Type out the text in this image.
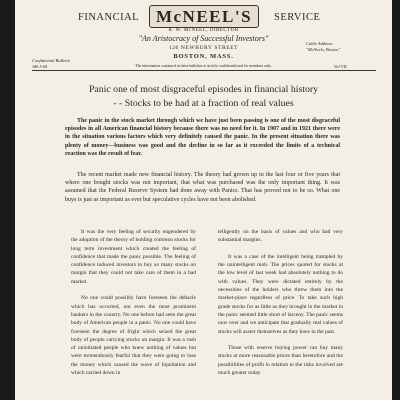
FINANCIAL McNEEL'S	SERVICE
R. W. McNEEL, DIRECTOR
"An Aristocracy of Successful Investors"
126 NEWBURY STREET
BOSTON, MASS.
Cable Address:
"McNeels, Boston"
Confidential Bulletin
AB-J-44	The information contained in these bulletins is strictly confidential and for members only.	Vol VII
Panic one of most disgraceful episodes in financial history
- - Stocks to be had at a fraction of real values

The panic in the stock market through which we have just been passing is one of the most disgraceful episodes in all American financial history because there was no need for it. In 1907 and in 1921 there were in the situation various factors which very definitely caused the panic. In the present situation there was plenty of money—business was good and the decline in so far as it exceeded the limits of a technical reaction was the result of fear.

The recent market made new financial history. The theory had grown up in the last four or five years that where one bought stocks was not important, that what was purchased was the only important thing. It was assumed that the Federal Reserve System had done away with Panics. That has proved not to be so. What one buys is just as important as ever but speculative cycles have not been abolished.

It was the very feeling of security engendered by the adoption of the theory of holding common stocks for long term investment which created the feeling of confidence that made the panic possible. The feeling of confidence induced investors to buy so many stocks on margin that they could not take care of them in a bad market.

No one could possibly have foreseen the debacle which has occurred, not even the most prominent bankers in the country. No one before had seen the great body of American people in a panic. No one could have foreseen the degree of fright which seized the great body of people carrying stocks on margin. It was a rush of uninitiated people who knew nothing of values but were tremendously fearful that they were going to lose the money which caused the wave of liquidation and which carried down in

telligently on the basis of values and who had very substantial margins.

It was a case of the intelligent being trampled by the unintelligent mob. The prices quoted for stocks at the low level of last week had absolutely nothing to do with values. They were dictated entirely by the necessities of the holders who threw them into the market-place regardless of price. To take such high grade stocks for as little as they brought in the market in the panic seemed little short of larceny. The panic seems now over and we anticipate that gradually real values of stocks will assert themselves as they have in the past.

Those with reserve buying power can buy many stocks at more reasonable prices than heretofore and the possibilities of profit in relation to the risks involved are much greater today
